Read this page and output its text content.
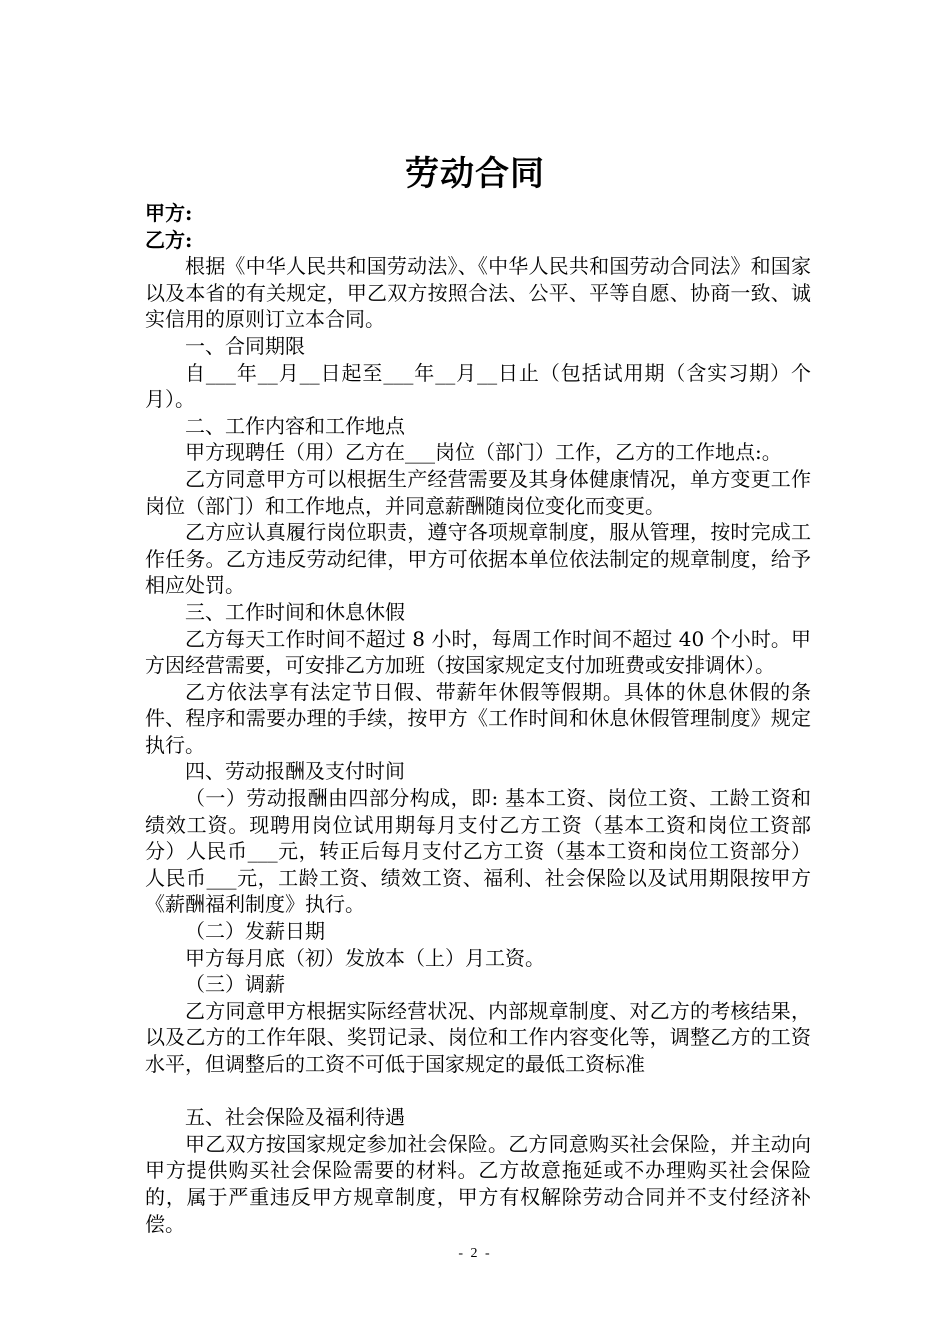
劳动合同

甲方:

乙方:

根据《中华人民共和国劳动法》、《中华人民共和国劳动合同法》和国家以及本省的有关规定，甲乙双方按照合法、公平、平等自愿、协商一致、诚实信用的原则订立本合同。

一、合同期限

自___年__月__日起至___年__月__日止（包括试用期（含实习期）个月）。

二、工作内容和工作地点

甲方现聘任（用）乙方在___岗位（部门）工作，乙方的工作地点:。

乙方同意甲方可以根据生产经营需要及其身体健康情况，单方变更工作岗位（部门）和工作地点，并同意薪酬随岗位变化而变更。

乙方应认真履行岗位职责，遵守各项规章制度，服从管理，按时完成工作任务。乙方违反劳动纪律，甲方可依据本单位依法制定的规章制度，给予相应处罚。

三、工作时间和休息休假

乙方每天工作时间不超过 8 小时，每周工作时间不超过 40 个小时。甲方因经营需要，可安排乙方加班（按国家规定支付加班费或安排调休）。

乙方依法享有法定节日假、带薪年休假等假期。具体的休息休假的条件、程序和需要办理的手续，按甲方《工作时间和休息休假管理制度》规定执行。

四、劳动报酬及支付时间

（一）劳动报酬由四部分构成，即: 基本工资、岗位工资、工龄工资和绩效工资。现聘用岗位试用期每月支付乙方工资（基本工资和岗位工资部分）人民币___元，转正后每月支付乙方工资（基本工资和岗位工资部分）人民币___元，工龄工资、绩效工资、福利、社会保险以及试用期限按甲方《薪酬福利制度》执行。

（二）发薪日期

甲方每月底（初）发放本（上）月工资。

（三）调薪

乙方同意甲方根据实际经营状况、内部规章制度、对乙方的考核结果，以及乙方的工作年限、奖罚记录、岗位和工作内容变化等，调整乙方的工资水平，但调整后的工资不可低于国家规定的最低工资标准

五、社会保险及福利待遇

甲乙双方按国家规定参加社会保险。乙方同意购买社会保险，并主动向甲方提供购买社会保险需要的材料。乙方故意拖延或不办理购买社会保险的，属于严重违反甲方规章制度，甲方有权解除劳动合同并不支付经济补偿。

- 2 -
